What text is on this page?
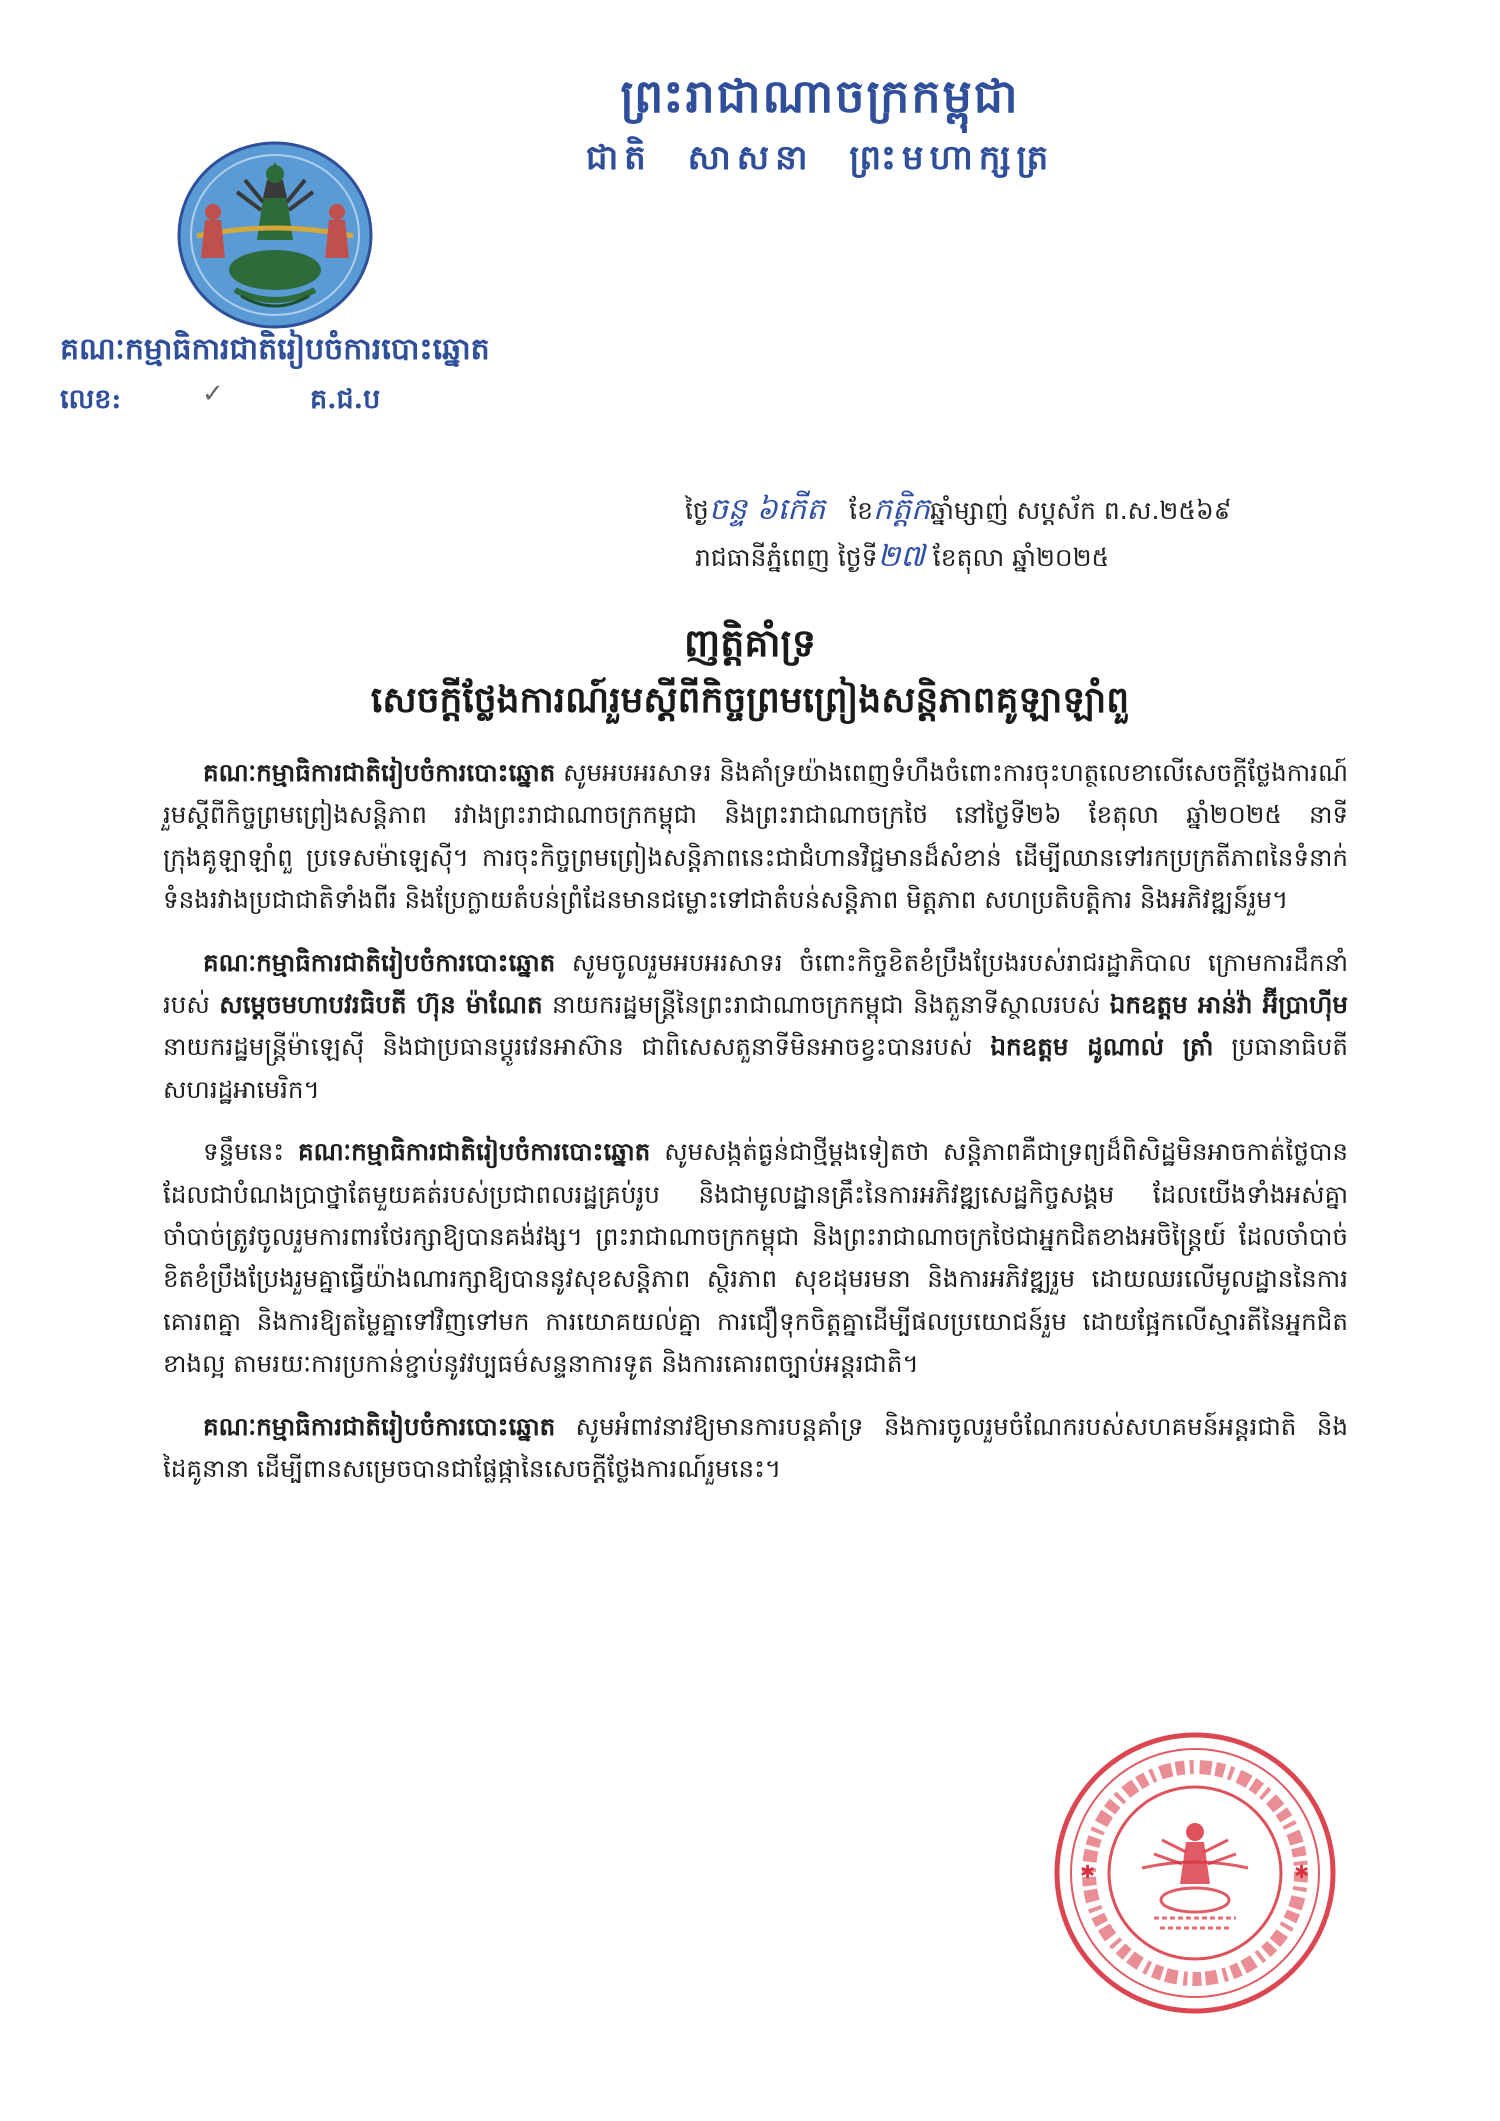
ព្រះរាជាណាចក្រកម្ពុជា
ជាតិ សាសនា ព្រះមហាក្សត្រ
គណៈកម្មាធិការជាតិរៀបចំការបោះឆ្នោត
លេខ:	✓	គ.ជ.ប
ថ្ងៃចន្ទ ៦កើត ខែកត្តិកឆ្នាំម្សាញ់ សប្តស័ក ព.ស.២៥៦៩
រាជធានីភ្នំពេញ ថ្ងៃទី២៧ ខែតុលា ឆ្នាំ២០២៥
ញត្តិគាំទ្រ
សេចក្តីថ្លែងការណ៍រួមស្តីពីកិច្ចព្រមព្រៀងសន្តិភាពគូឡាឡាំពួ

គណៈកម្មាធិការជាតិរៀបចំការបោះឆ្នោត សូមអបអរសាទរ និងគាំទ្រយ៉ាងពេញទំហឹងចំពោះការចុះហត្ថលេខាលើសេចក្តីថ្លែងការណ៍រួមស្តីពីកិច្ចព្រមព្រៀងសន្តិភាព រវាងព្រះរាជាណាចក្រកម្ពុជា និងព្រះរាជាណាចក្រថៃ នៅថ្ងៃទី២៦ ខែតុលា ឆ្នាំ២០២៥ នាទីក្រុងគូឡាឡាំពួ ប្រទេសម៉ាឡេស៊ី។ ការចុះកិច្ចព្រមព្រៀងសន្តិភាពនេះជាជំហានវិជ្ជមានដ៏សំខាន់ ដើម្បីឈានទៅរកប្រក្រតីភាពនៃទំនាក់ទំនងរវាងប្រជាជាតិទាំងពីរ និងប្រែក្លាយតំបន់ព្រំដែនមានជម្លោះទៅជាតំបន់សន្តិភាព មិត្តភាព សហប្រតិបត្តិការ និងអភិវឌ្ឍន៍រួម។

គណៈកម្មាធិការជាតិរៀបចំការបោះឆ្នោត សូមចូលរួមអបអរសាទរ ចំពោះកិច្ចខិតខំប្រឹងប្រែងរបស់រាជរដ្ឋាភិបាល ក្រោមការដឹកនាំរបស់ សម្តេចមហាបវរធិបតី ហ៊ុន ម៉ាណែត នាយករដ្ឋមន្ត្រីនៃព្រះរាជាណាចក្រកម្ពុជា និងតួនាទីស្ថាលរបស់ ឯកឧត្តម អាន់វ៉ា អ៊ីប្រាហ៊ីម នាយករដ្ឋមន្ត្រីម៉ាឡេស៊ី និងជាប្រធានប្តូរវេនអាស៊ាន ជាពិសេសតួនាទីមិនអាចខ្វះបានរបស់ ឯកឧត្តម ដូណាល់ ត្រាំ ប្រធានាធិបតីសហរដ្ឋអាមេរិក។

ទន្ទឹមនេះ គណៈកម្មាធិការជាតិរៀបចំការបោះឆ្នោត សូមសង្កត់ធ្ងន់ជាថ្មីម្តងទៀតថា សន្តិភាពគឺជាទ្រព្យដ៏ពិសិដ្ឋមិនអាចកាត់ថ្លៃបាន ដែលជាបំណងប្រាថ្នាតែមួយគត់របស់ប្រជាពលរដ្ឋគ្រប់រូប និងជាមូលដ្ឋានគ្រឹះនៃការអភិវឌ្ឍសេដ្ឋកិច្ចសង្គម ដែលយើងទាំងអស់គ្នាចាំបាច់ត្រូវចូលរួមការពារថែរក្សាឱ្យបានគង់វង្ស។ ព្រះរាជាណាចក្រកម្ពុជា និងព្រះរាជាណាចក្រថៃជាអ្នកជិតខាងអចិន្ត្រៃយ៍ ដែលចាំបាច់ខិតខំប្រឹងប្រែងរួមគ្នាធ្វើយ៉ាងណារក្សាឱ្យបាននូវសុខសន្តិភាព ស្ថិរភាព សុខដុមរមនា និងការអភិវឌ្ឍរួម ដោយឈរលើមូលដ្ឋាននៃការគោរពគ្នា និងការឱ្យតម្លៃគ្នាទៅវិញទៅមក ការយោគយល់គ្នា ការជឿទុកចិត្តគ្នាដើម្បីផលប្រយោជន៍រួម ដោយផ្អែកលើស្មារតីនៃអ្នកជិតខាងល្អ តាមរយៈការប្រកាន់ខ្ជាប់នូវវប្បធម៌សន្ទនាការទូត និងការគោរពច្បាប់អន្តរជាតិ។

គណៈកម្មាធិការជាតិរៀបចំការបោះឆ្នោត សូមអំពាវនាវឱ្យមានការបន្តគាំទ្រ និងការចូលរួមចំណែករបស់សហគមន៍អន្តរជាតិ និងដៃគូនានា ដើម្បីពានសម្រេចបានជាផ្លែផ្កានៃសេចក្តីថ្លែងការណ៍រួមនេះ។

✱	✱
